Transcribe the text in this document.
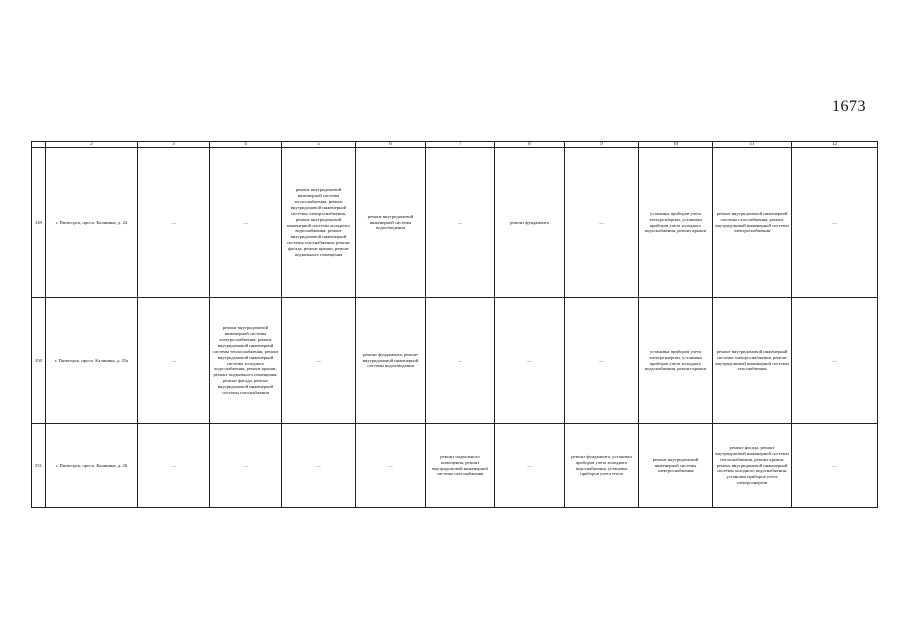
1673
	2	3	4	5	6	7	8	9	10	11	12
349	г. Пятигорск, просп. Калинина, д. 24	—	—	ремонт внутридомовой инженерной системы теплоснабжения, ремонт внутридомовой инженерной системы электроснабжения, ремонт внутридомовой инженерной системы холодного водоснабжения, ремонт внутридомовой инженерной системы газоснабжения, ремонт фасада, ремонт крыши, ремонт подвального помещения	ремонт внутридомовой инженерной системы водоотведения	—	ремонт фундамента	—	установка приборов учета электроэнергии, установка приборов учета холодного водоснабжения, ремонт крыши	ремонт внутридомовой инженерной системы газоснабжения, ремонт внутридомовой инженерной системы электроснабжения	—
350	г. Пятигорск, просп. Калинина, д. 25а	—	ремонт внутридомовой инженерной системы электроснабжения, ремонт внутридомовой инженерной системы теплоснабжения, ремонт внутридомовой инженерной системы холодного водоснабжения, ремонт крыши, ремонт подвального помещения, ремонт фасада, ремонт внутридомовой инженерной системы газоснабжения	—	ремонт фундамента, ремонт внутридомовой инженерной системы водоотведения	—	—	—	установка приборов учета электроэнергии, установка приборов учета холодного водоснабжения, ремонт крыши	ремонт внутридомовой инженерной системы электроснабжения, ремонт внутридомовой инженерной системы газоснабжения	—
351	г. Пятигорск, просп. Калинина, д. 26	—	—	—	—	ремонт подвального помещения, ремонт внутридомовой инженерной системы газоснабжения	—	ремонт фундамента, установка приборов учета холодного водоснабжения, установка приборов учета тепла	ремонт внутридомовой инженерной системы электроснабжения	ремонт фасада, ремонт внутридомовой инженерной системы теплоснабжения, ремонт крыши, ремонт внутридомовой инженерной системы холодного водоснабжения, установка приборов учета электроэнергии	—
